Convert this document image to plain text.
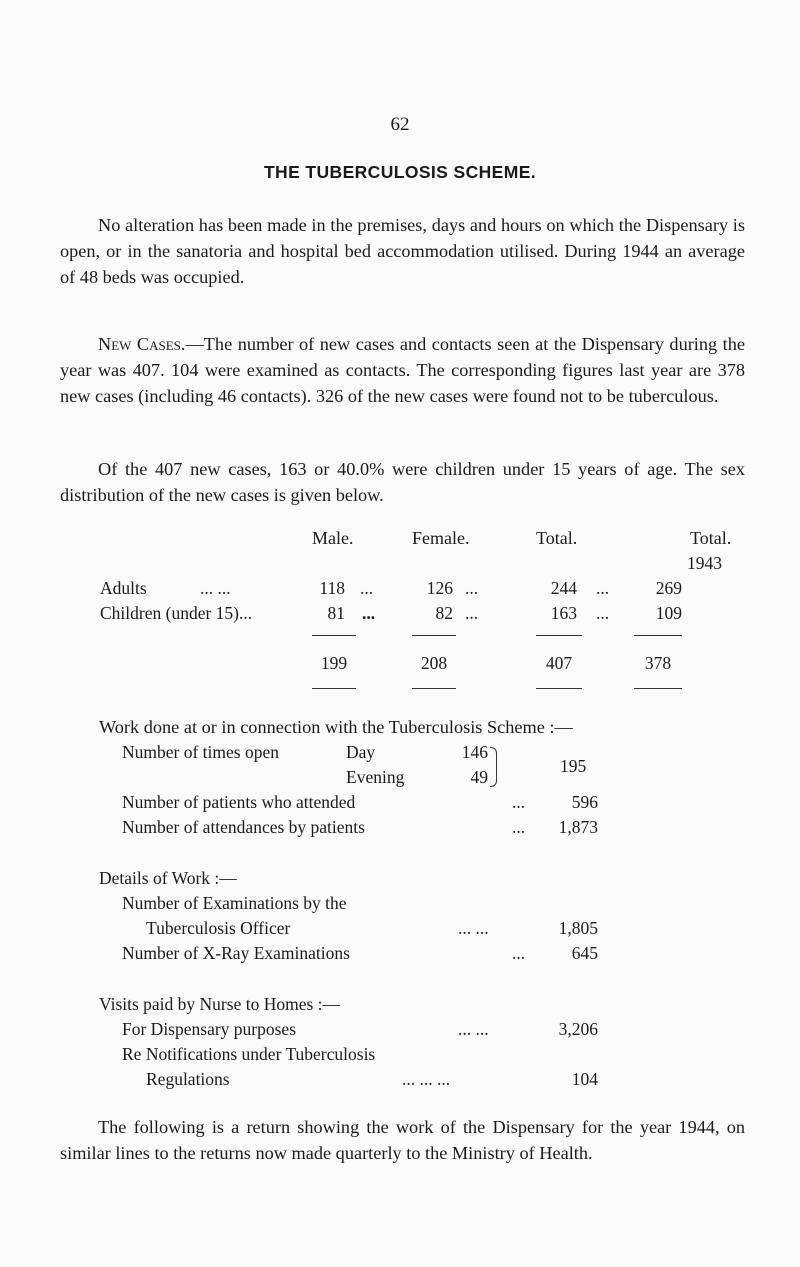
62
THE TUBERCULOSIS SCHEME.
No alteration has been made in the premises, days and hours on which the Dispensary is open, or in the sanatoria and hospital bed accommodation utilised. During 1944 an average of 48 beds was occupied.
New Cases.—The number of new cases and contacts seen at the Dispensary during the year was 407. 104 were examined as contacts. The corresponding figures last year are 378 new cases (including 46 contacts). 326 of the new cases were found not to be tuberculous.
Of the 407 new cases, 163 or 40.0% were children under 15 years of age. The sex distribution of the new cases is given below.
Male.	Female.	Total.	Total.
1943
Adults	... ...	118 ...	126 ...	244 ...	269
Children (under 15)...	81 ...	82 ...	163 ...	109
199	208	407	378
Work done at or in connection with the Tuberculosis Scheme :—
Number of times open	Day	146
Evening	49
195
Number of patients who attended	...	596
Number of attendances by patients	...	1,873
Details of Work :—
Number of Examinations by the
Tuberculosis Officer	... ...	1,805
Number of X-Ray Examinations	...	645
Visits paid by Nurse to Homes :—
For Dispensary purposes	... ...	3,206
Re Notifications under Tuberculosis
Regulations	... ... ...	104
The following is a return showing the work of the Dispensary for the year 1944, on similar lines to the returns now made quarterly to the Ministry of Health.
